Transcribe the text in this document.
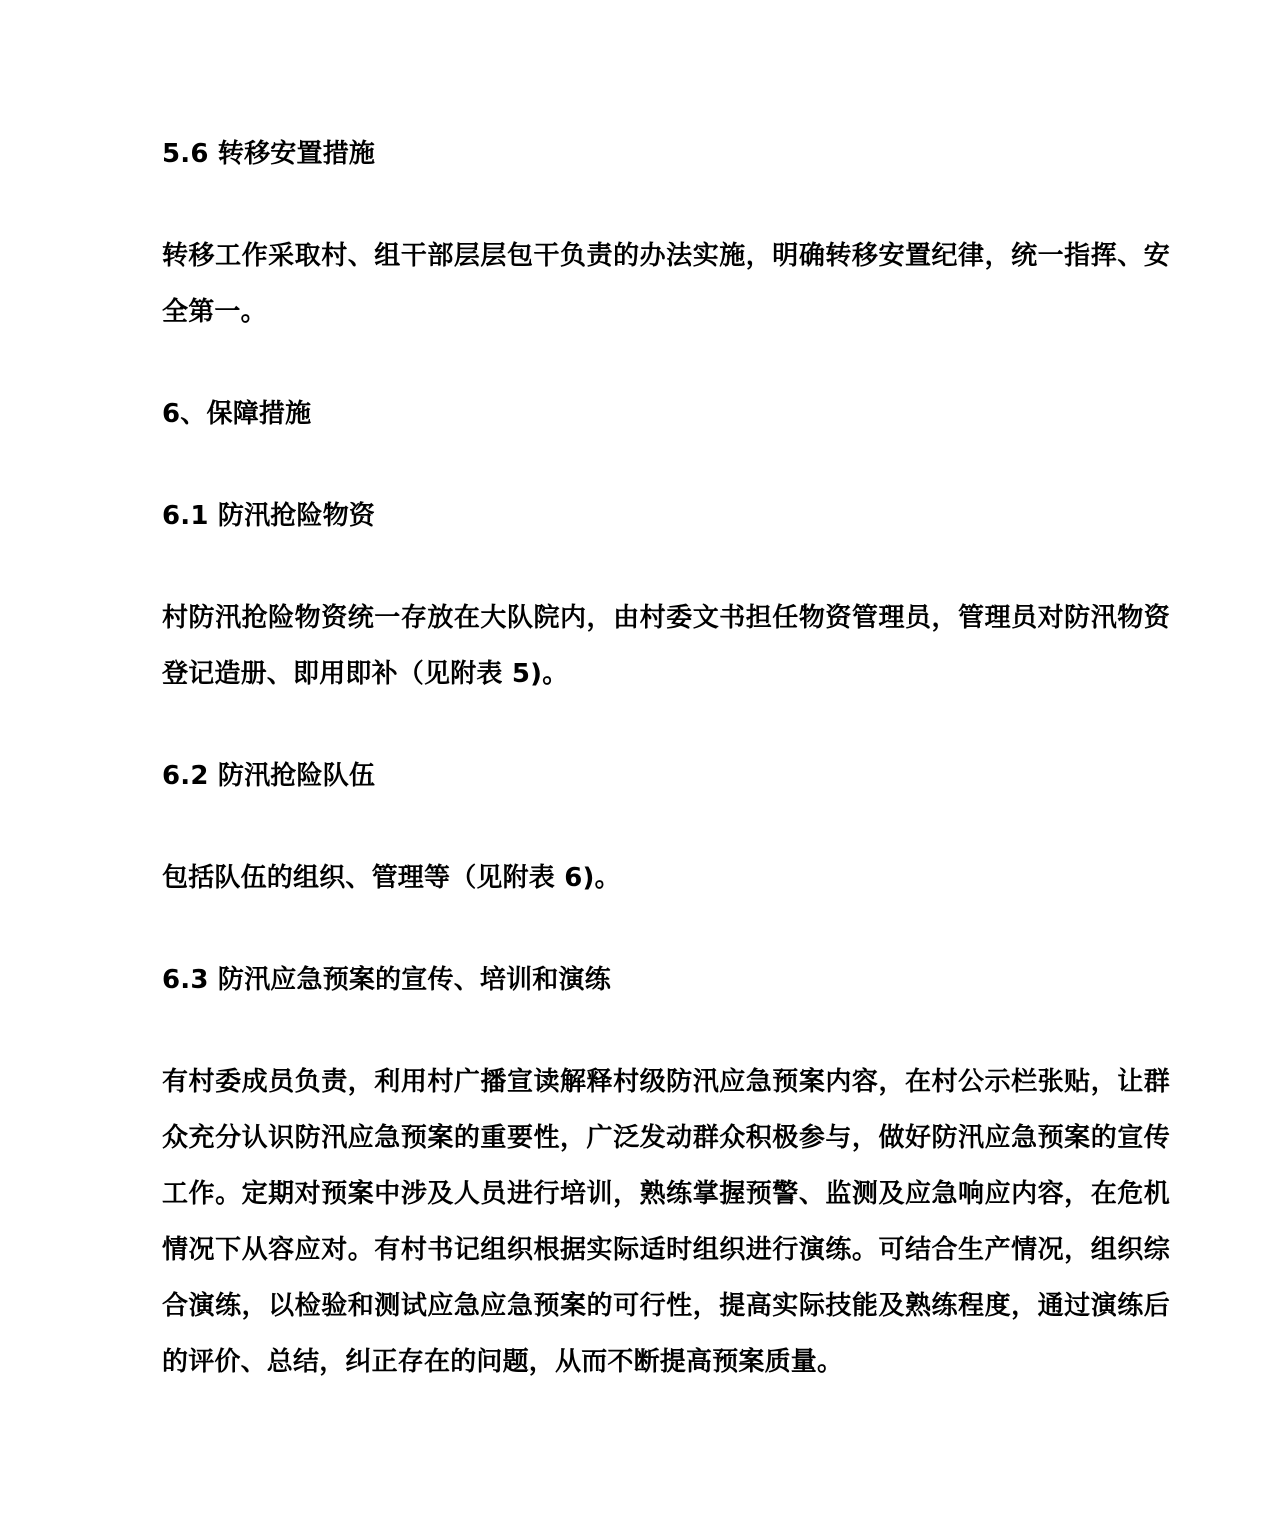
5.6 转移安置措施

转移工作采取村、组干部层层包干负责的办法实施，明确转移安置纪律，统一指挥、安全第一。

6、保障措施

6.1 防汛抢险物资

村防汛抢险物资统一存放在大队院内，由村委文书担任物资管理员，管理员对防汛物资登记造册、即用即补（见附表 5)。

6.2 防汛抢险队伍

包括队伍的组织、管理等（见附表 6)。

6.3 防汛应急预案的宣传、培训和演练

有村委成员负责，利用村广播宣读解释村级防汛应急预案内容，在村公示栏张贴，让群众充分认识防汛应急预案的重要性，广泛发动群众积极参与，做好防汛应急预案的宣传工作。定期对预案中涉及人员进行培训，熟练掌握预警、监测及应急响应内容，在危机情况下从容应对。有村书记组织根据实际适时组织进行演练。可结合生产情况，组织综合演练，以检验和测试应急应急预案的可行性，提高实际技能及熟练程度，通过演练后的评价、总结，纠正存在的问题，从而不断提高预案质量。
